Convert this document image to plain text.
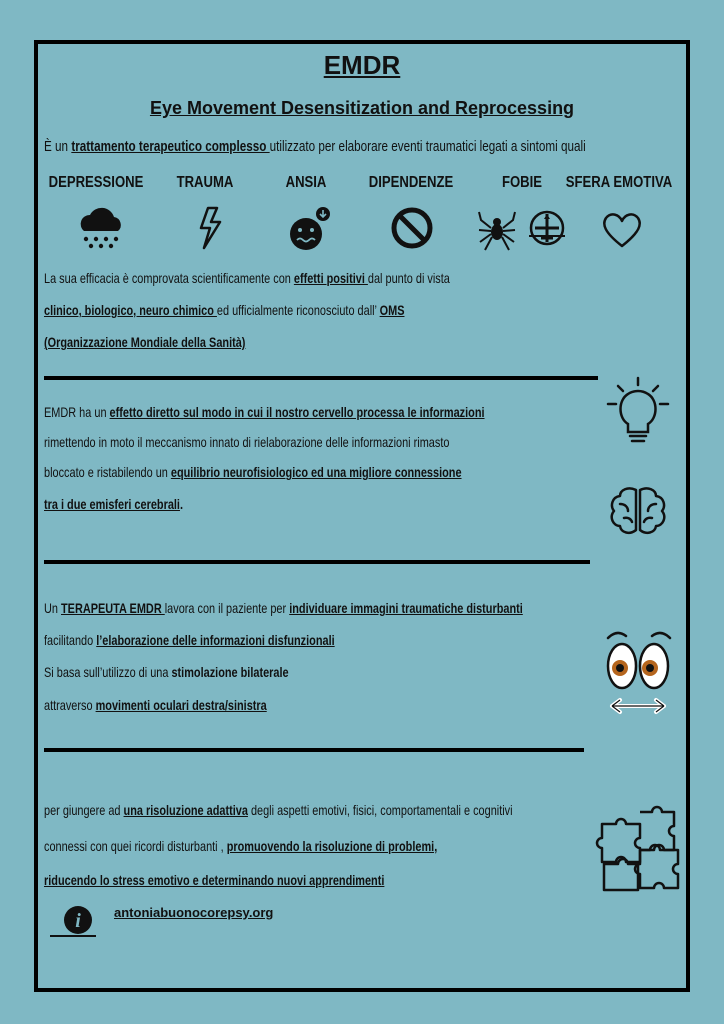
EMDR
Eye Movement Desensitization and Reprocessing
È un trattamento terapeutico complesso utilizzato per elaborare eventi traumatici legati a sintomi quali
DEPRESSIONE	TRAUMA	ANSIA	DIPENDENZE	FOBIE	SFERA EMOTIVA
La sua efficacia è comprovata scientificamente con effetti positivi dal punto di vista
clinico, biologico, neuro chimico ed ufficialmente riconosciuto dall’ OMS
(Organizzazione Mondiale della Sanità)
EMDR ha un effetto diretto sul modo in cui il nostro cervello processa le informazioni
rimettendo in moto il meccanismo innato di rielaborazione delle informazioni rimasto
bloccato e ristabilendo un equilibrio neurofisiologico ed una migliore connessione
tra i due emisferi cerebrali.
Un TERAPEUTA EMDR lavora con il paziente per individuare immagini traumatiche disturbanti
facilitando l’elaborazione delle informazioni disfunzionali
Si basa sull’utilizzo di una stimolazione bilaterale
attraverso movimenti oculari destra/sinistra
per giungere ad una risoluzione adattiva degli aspetti emotivi, fisici, comportamentali e cognitivi
connessi con quei ricordi disturbanti , promuovendo la risoluzione di problemi,
riducendo lo stress emotivo e determinando nuovi apprendimenti
i	antoniabuonocorepsy.org
